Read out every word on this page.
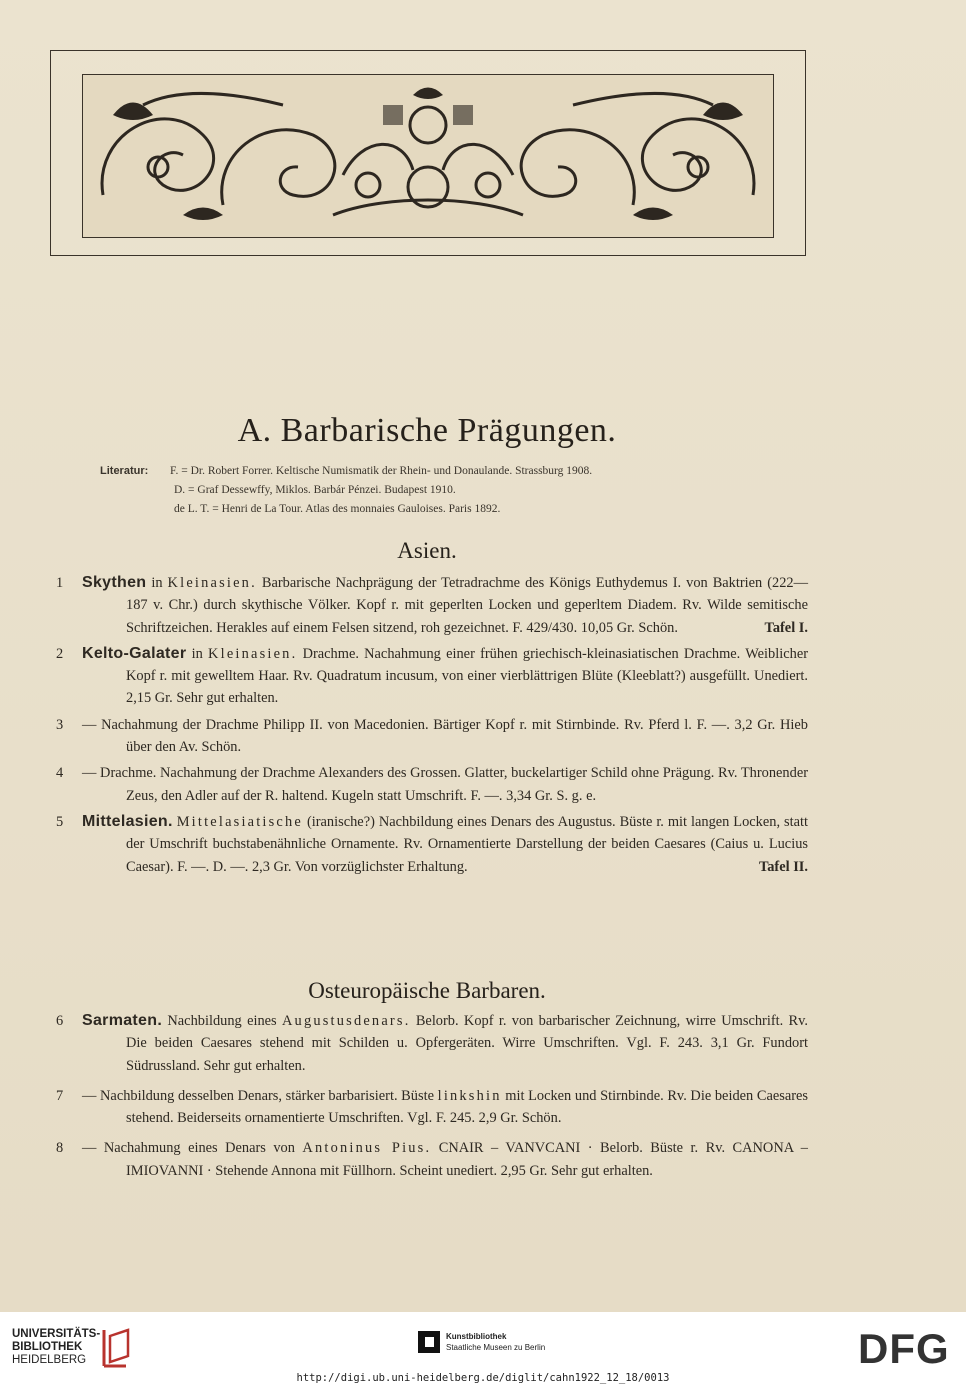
A. Barbarische Prägungen.
Literatur: F. = Dr. Robert Forrer. Keltische Numismatik der Rhein- und Donaulande. Strassburg 1908.
D. = Graf Dessewffy, Miklos. Barbár Pénzei. Budapest 1910.
de L. T. = Henri de La Tour. Atlas des monnaies Gauloises. Paris 1892.
Asien.

1	Skythen in Kleinasien. Barbarische Nachprägung der Tetradrachme des Königs Euthydemus I. von Baktrien (222—187 v. Chr.) durch skythische Völker. Kopf r. mit geperlten Locken und geperltem Diadem. Rv. Wilde semitische Schriftzeichen. Herakles auf einem Felsen sitzend, roh gezeichnet. F. 429/430. 10,05 Gr. Schön.	Tafel I.

2	Kelto-Galater in Kleinasien. Drachme. Nachahmung einer frühen griechisch-kleinasiatischen Drachme. Weiblicher Kopf r. mit gewelltem Haar. Rv. Quadratum incusum, von einer vierblättrigen Blüte (Kleeblatt?) ausgefüllt. Unediert. 2,15 Gr. Sehr gut erhalten.

3	— Nachahmung der Drachme Philipp II. von Macedonien. Bärtiger Kopf r. mit Stirnbinde. Rv. Pferd l. F. —. 3,2 Gr. Hieb über den Av. Schön.

4	— Drachme. Nachahmung der Drachme Alexanders des Grossen. Glatter, buckelartiger Schild ohne Prägung. Rv. Thronender Zeus, den Adler auf der R. haltend. Kugeln statt Umschrift. F. —. 3,34 Gr. S. g. e.

5	Mittelasien. Mittelasiatische (iranische?) Nachbildung eines Denars des Augustus. Büste r. mit langen Locken, statt der Umschrift buchstabenähnliche Ornamente. Rv. Ornamentierte Darstellung der beiden Caesares (Caius u. Lucius Caesar). F. —. D. —. 2,3 Gr. Von vorzüglichster Erhaltung.	Tafel II.

Osteuropäische Barbaren.

6	Sarmaten. Nachbildung eines Augustusdenars. Belorb. Kopf r. von barbarischer Zeichnung, wirre Umschrift. Rv. Die beiden Caesares stehend mit Schilden u. Opfergeräten. Wirre Umschriften. Vgl. F. 243. 3,1 Gr. Fundort Südrussland. Sehr gut erhalten.

7	— Nachbildung desselben Denars, stärker barbarisiert. Büste linkshin mit Locken und Stirnbinde. Rv. Die beiden Caesares stehend. Beiderseits ornamentierte Umschriften. Vgl. F. 245. 2,9 Gr. Schön.

8	— Nachahmung eines Denars von Antoninus Pius. CNAIR – VANVCANI · Belorb. Büste r. Rv. CANONA – IMIOVANNI · Stehende Annona mit Füllhorn. Scheint unediert. 2,95 Gr. Sehr gut erhalten.

UNIVERSITÄTS-
BIBLIOTHEK
HEIDELBERG
Kunstbibliothek
Staatliche Museen zu Berlin	DFG
http://digi.ub.uni-heidelberg.de/diglit/cahn1922_12_18/0013
